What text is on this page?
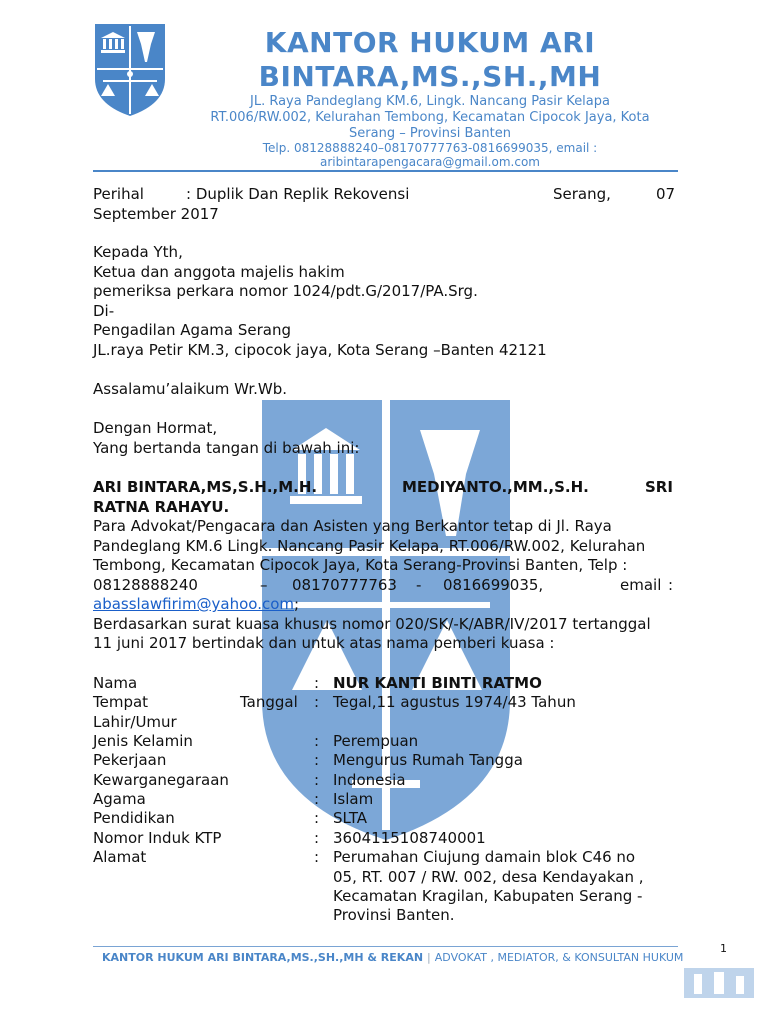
KANTOR HUKUM ARI
BINTARA,MS.,SH.,MH
JL. Raya Pandeglang KM.6, Lingk. Nancang Pasir Kelapa
RT.006/RW.002, Kelurahan Tembong, Kecamatan Cipocok Jaya, Kota
Serang – Provinsi Banten
Telp. 08128888240–08170777763-0816699035, email :
aribintarapengacara@gmail.om.com
Perihal	: Duplik Dan Replik Rekovensi	Serang,	07
September 2017
Kepada Yth,
Ketua dan anggota majelis hakim
pemeriksa perkara nomor 1024/pdt.G/2017/PA.Srg.
Di-
Pengadilan Agama Serang
JL.raya Petir KM.3, cipocok jaya, Kota Serang –Banten 42121
Assalamu’alaikum Wr.Wb.
Dengan Hormat,
Yang bertanda tangan di bawah ini:
ARI BINTARA,MS,S.H.,M.H.	MEDIYANTO.,MM.,S.H.	SRI
RATNA RAHAYU.
Para Advokat/Pengacara dan Asisten yang Berkantor tetap di Jl. Raya
Pandeglang KM.6 Lingk. Nancang Pasir Kelapa, RT.006/RW.002, Kelurahan
Tembong, Kecamatan Cipocok Jaya, Kota Serang-Provinsi Banten, Telp :
08128888240	– 08170777763 - 0816699035,	email :
abasslawfirim@yahoo.com;
Berdasarkan surat kuasa khusus nomor 020/SK/-K/ABR/IV/2017 tertanggal
11 juni 2017 bertindak dan untuk atas nama pemberi kuasa :
Nama	: NUR KANTI BINTI RATMO
Tempat	Tanggal : Tegal,11 agustus 1974/43 Tahun
Lahir/Umur
Jenis Kelamin	: Perempuan
Pekerjaan	: Mengurus Rumah Tangga
Kewarganegaraan	: Indonesia
Agama	: Islam
Pendidikan	: SLTA
Nomor Induk KTP	: 3604115108740001
Alamat	: Perumahan Ciujung damain blok C46 no
05, RT. 007 / RW. 002, desa Kendayakan ,
Kecamatan Kragilan, Kabupaten Serang -
Provinsi Banten.
1
KANTOR HUKUM ARI BINTARA,MS.,SH.,MH & REKAN | ADVOKAT , MEDIATOR, & KONSULTAN HUKUM
